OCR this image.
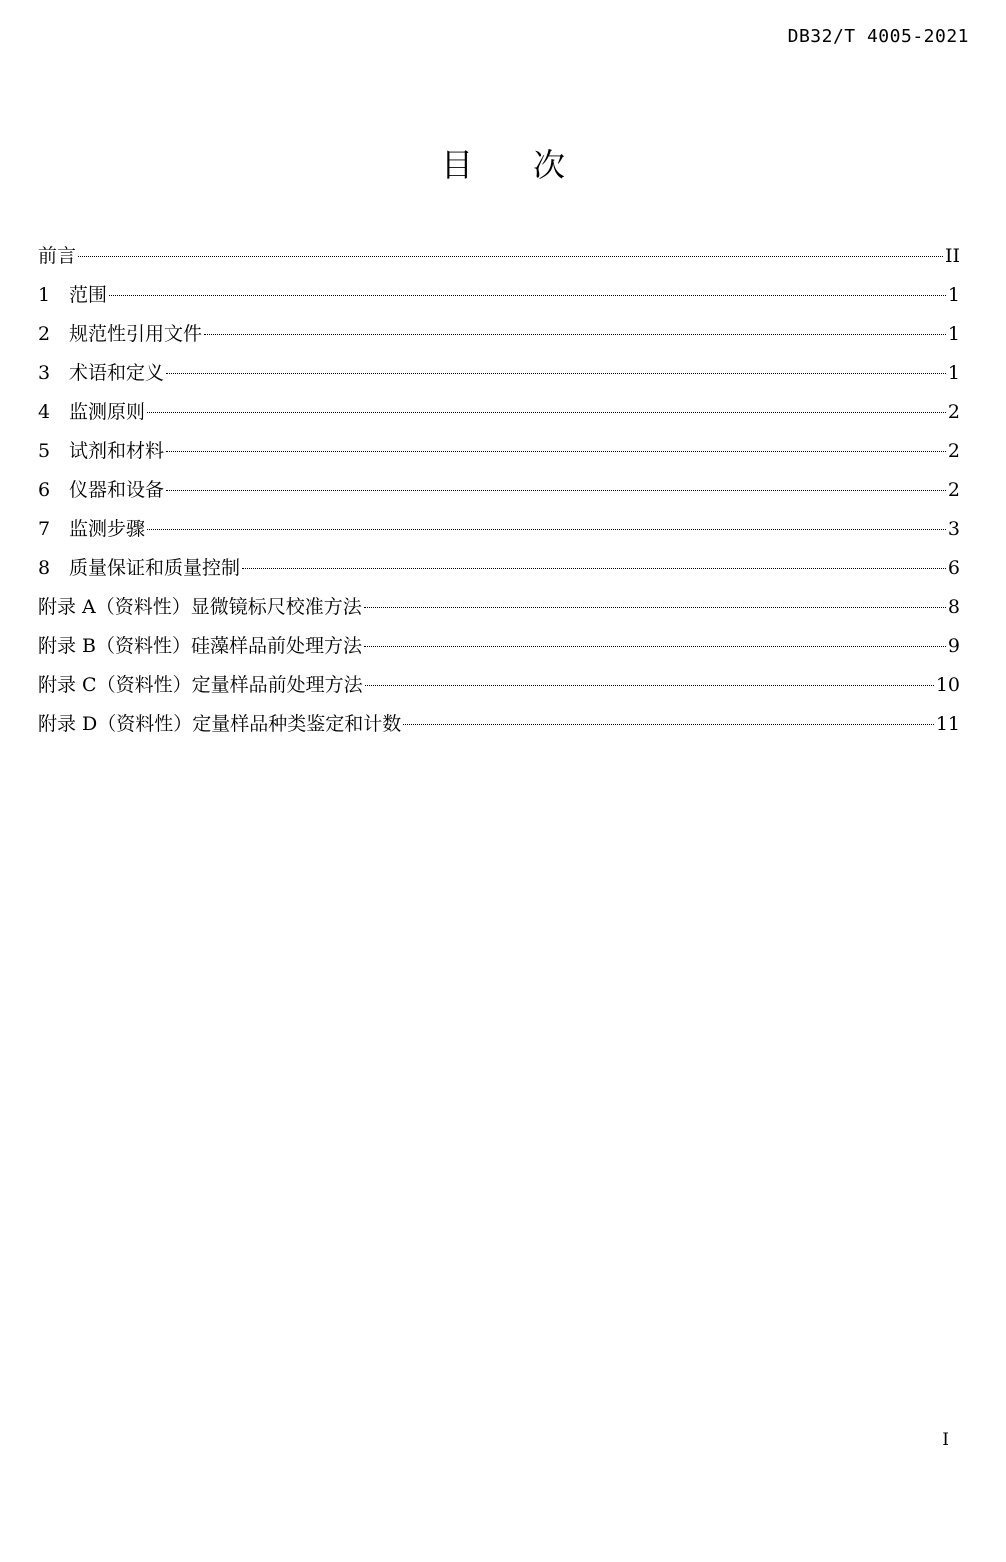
DB32/T 4005-2021
目次
前言	II
1 范围	1
2 规范性引用文件	1
3 术语和定义	1
4 监测原则	2
5 试剂和材料	2
6 仪器和设备	2
7 监测步骤	3
8 质量保证和质量控制	6
附录 A（资料性）显微镜标尺校准方法	8
附录 B（资料性）硅藻样品前处理方法	9
附录 C（资料性）定量样品前处理方法	10
附录 D（资料性）定量样品种类鉴定和计数	11
I
